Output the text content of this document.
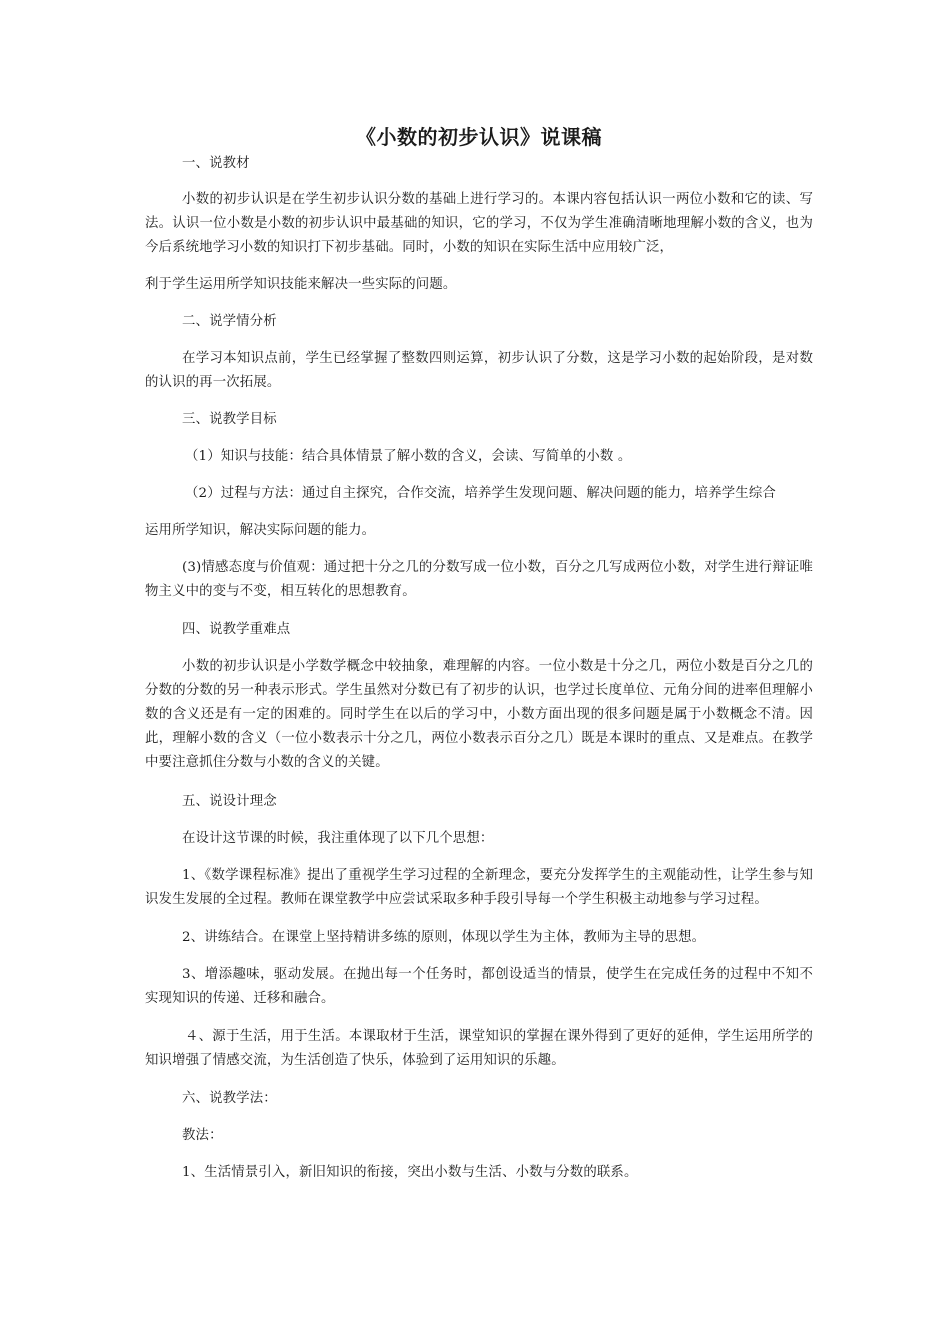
《小数的初步认识》说课稿
一、说教材
小数的初步认识是在学生初步认识分数的基础上进行学习的。本课内容包括认识一两位小数和它的读、写法。认识一位小数是小数的初步认识中最基础的知识，它的学习，不仅为学生准确清晰地理解小数的含义，也为今后系统地学习小数的知识打下初步基础。同时，小数的知识在实际生活中应用较广泛，
利于学生运用所学知识技能来解决一些实际的问题。
二、说学情分析
在学习本知识点前，学生已经掌握了整数四则运算，初步认识了分数，这是学习小数的起始阶段，是对数的认识的再一次拓展。
三、说教学目标
（1）知识与技能：结合具体情景了解小数的含义，会读、写简单的小数 。
（2）过程与方法：通过自主探究，合作交流，培养学生发现问题、解决问题的能力，培养学生综合
运用所学知识，解决实际问题的能力。
(3)情感态度与价值观：通过把十分之几的分数写成一位小数，百分之几写成两位小数，对学生进行辩证唯物主义中的变与不变，相互转化的思想教育。
四、说教学重难点
小数的初步认识是小学数学概念中较抽象，难理解的内容。一位小数是十分之几，两位小数是百分之几的分数的分数的另一种表示形式。学生虽然对分数已有了初步的认识，也学过长度单位、元角分间的进率但理解小数的含义还是有一定的困难的。同时学生在以后的学习中，小数方面出现的很多问题是属于小数概念不清。因此，理解小数的含义（一位小数表示十分之几，两位小数表示百分之几）既是本课时的重点、又是难点。在教学中要注意抓住分数与小数的含义的关键。
五、说设计理念
在设计这节课的时候，我注重体现了以下几个思想：
1、《数学课程标准》提出了重视学生学习过程的全新理念，要充分发挥学生的主观能动性，让学生参与知识发生发展的全过程。教师在课堂教学中应尝试采取多种手段引导每一个学生积极主动地参与学习过程。
2、讲练结合。在课堂上坚持精讲多练的原则，体现以学生为主体，教师为主导的思想。
3、增添趣味，驱动发展。在抛出每一个任务时，都创设适当的情景，使学生在完成任务的过程中不知不实现知识的传递、迁移和融合。
４、源于生活，用于生活。本课取材于生活，课堂知识的掌握在课外得到了更好的延伸，学生运用所学的知识增强了情感交流，为生活创造了快乐，体验到了运用知识的乐趣。
六、说教学法：
教法：
1、生活情景引入，新旧知识的衔接，突出小数与生活、小数与分数的联系。
